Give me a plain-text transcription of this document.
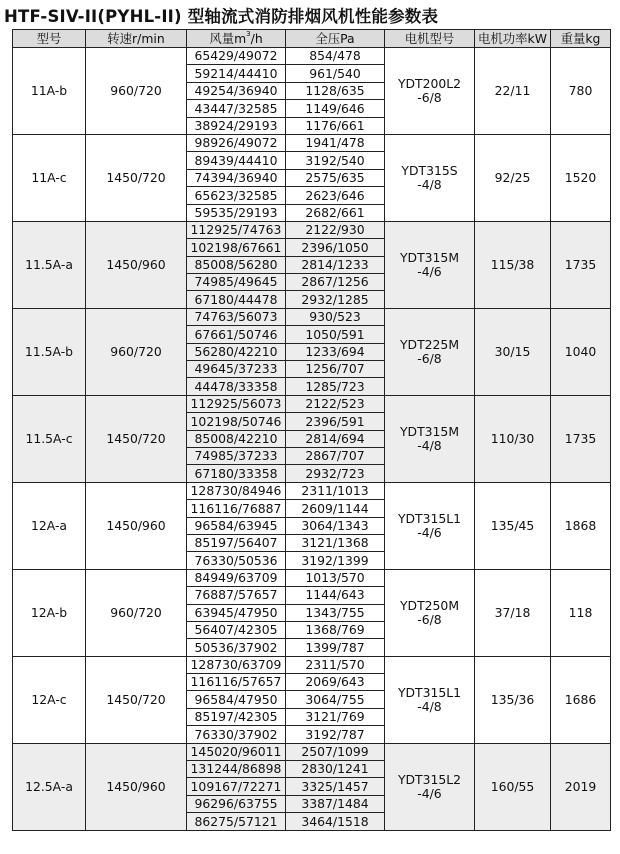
HTF-SIV-II(PYHL-II) 型轴流式消防排烟风机性能参数表
型号	转速r/min	风量$m^3/h$	全压Pa	电机型号	电机功率kW	重量kg
11A-b	960/720	65429/49072	854/478	YDT200L2
-6/8	22/11	780
		59214/44410	961/540			
		49254/36940	1128/635			
		43447/32585	1149/646			
		38924/29193	1176/661			
11A-c	1450/720	98926/49072	1941/478	YDT315S
-4/8	92/25	1520
		89439/44410	3192/540			
		74394/36940	2575/635			
		65623/32585	2623/646			
		59535/29193	2682/661			
11.5A-a	1450/960	112925/74763	2122/930	YDT315M
-4/6	115/38	1735
		102198/67661	2396/1050			
		85008/56280	2814/1233			
		74985/49645	2867/1256			
		67180/44478	2932/1285			
11.5A-b	960/720	74763/56073	930/523	YDT225M
-6/8	30/15	1040
		67661/50746	1050/591			
		56280/42210	1233/694			
		49645/37233	1256/707			
		44478/33358	1285/723			
11.5A-c	1450/720	112925/56073	2122/523	YDT315M
-4/8	110/30	1735
		102198/50746	2396/591			
		85008/42210	2814/694			
		74985/37233	2867/707			
		67180/33358	2932/723			
12A-a	1450/960	128730/84946	2311/1013	YDT315L1
-4/6	135/45	1868
		116116/76887	2609/1144			
		96584/63945	3064/1343			
		85197/56407	3121/1368			
		76330/50536	3192/1399			
12A-b	960/720	84949/63709	1013/570	YDT250M
-6/8	37/18	118
		76887/57657	1144/643			
		63945/47950	1343/755			
		56407/42305	1368/769			
		50536/37902	1399/787			
12A-c	1450/720	128730/63709	2311/570	YDT315L1
-4/8	135/36	1686
		116116/57657	2069/643			
		96584/47950	3064/755			
		85197/42305	3121/769			
		76330/37902	3192/787			
12.5A-a	1450/960	145020/96011	2507/1099	YDT315L2
-4/6	160/55	2019
		131244/86898	2830/1241			
		109167/72271	3325/1457			
		96296/63755	3387/1484			
		86275/57121	3464/1518			
